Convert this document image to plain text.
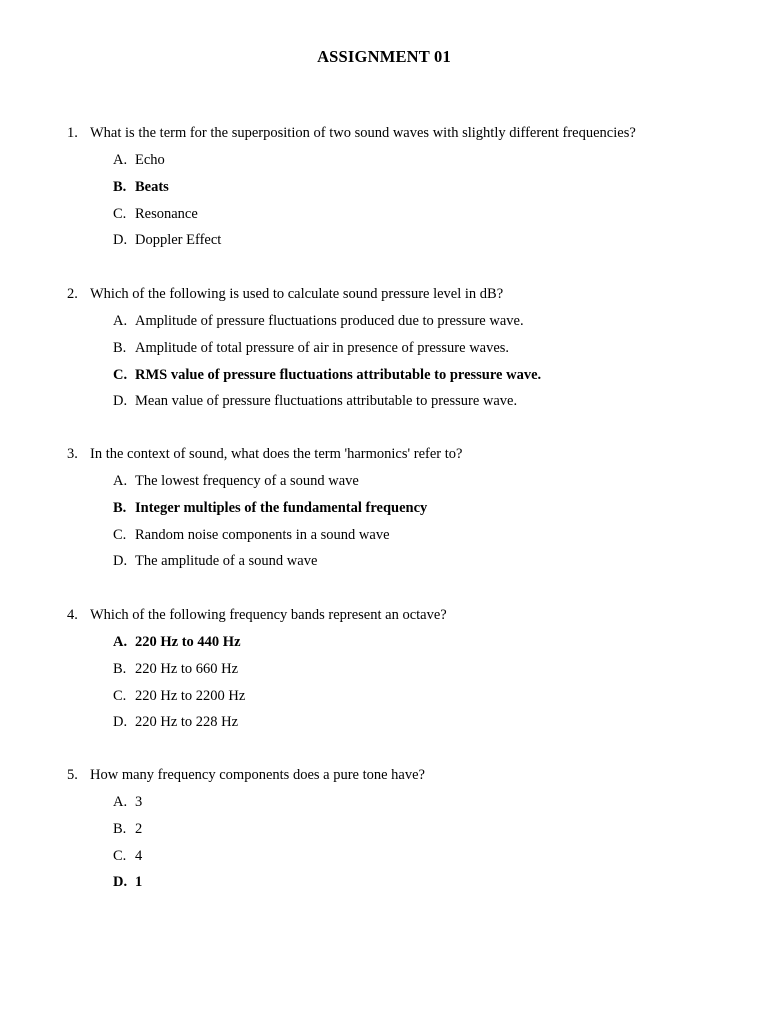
ASSIGNMENT 01
1. What is the term for the superposition of two sound waves with slightly different frequencies?
A. Echo
B. Beats
C. Resonance
D. Doppler Effect
2. Which of the following is used to calculate sound pressure level in dB?
A. Amplitude of pressure fluctuations produced due to pressure wave.
B. Amplitude of total pressure of air in presence of pressure waves.
C. RMS value of pressure fluctuations attributable to pressure wave.
D. Mean value of pressure fluctuations attributable to pressure wave.
3. In the context of sound, what does the term 'harmonics' refer to?
A. The lowest frequency of a sound wave
B. Integer multiples of the fundamental frequency
C. Random noise components in a sound wave
D. The amplitude of a sound wave
4. Which of the following frequency bands represent an octave?
A. 220 Hz to 440 Hz
B. 220 Hz to 660 Hz
C. 220 Hz to 2200 Hz
D. 220 Hz to 228 Hz
5. How many frequency components does a pure tone have?
A. 3
B. 2
C. 4
D. 1
